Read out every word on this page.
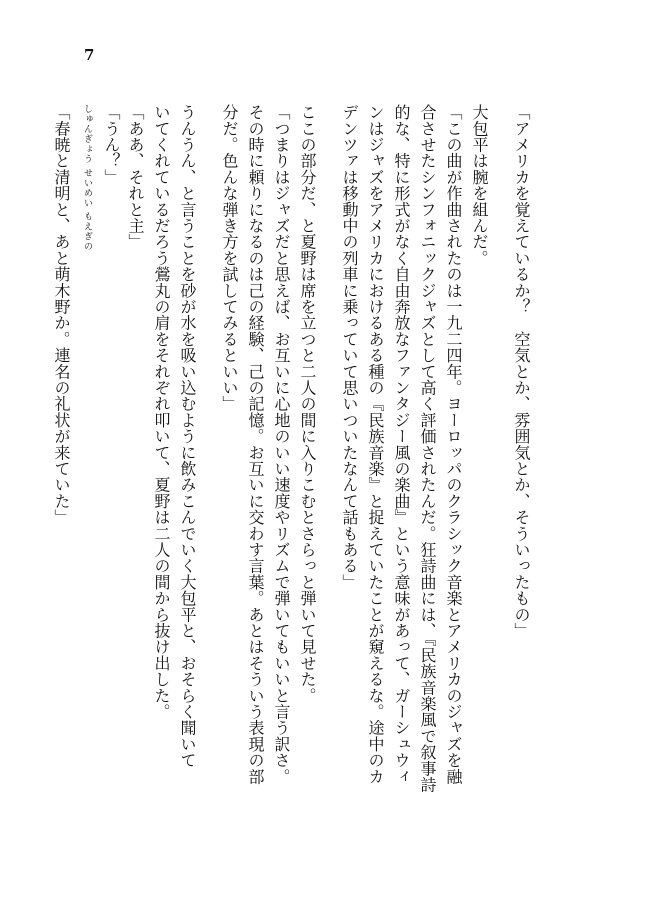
7

「アメリカを覚えているか？　空気とか、雰囲気とか、そういったもの」

大包平は腕を組んだ。

「この曲が作曲されたのは一九二四年。ヨーロッパのクラシック音楽とアメリカのジャズを融

合させたシンフォニックジャズとして高く評価されたんだ。狂詩曲には、『民族音楽風で叙事詩

的な、特に形式がなく自由奔放なファンタジー風の楽曲』という意味があって、ガーシュウィ

ンはジャズをアメリカにおけるある種の『民族音楽』と捉えていたことが窺えるな。途中のカ

デンツァは移動中の列車に乗っていて思いついたなんて話もある」

ここの部分だ、と夏野は席を立つと二人の間に入りこむとさらっと弾いて見せた。

「つまりはジャズだと思えば、お互いに心地のいい速度やリズムで弾いてもいいと言う訳さ。

その時に頼りになるのは己の経験、己の記憶。お互いに交わす言葉。あとはそういう表現の部

分だ。色んな弾き方を試してみるといい」

うんうん、と言うことを砂が水を吸い込むように飲みこんでいく大包平と、おそらく聞いて

いてくれているだろう鶯丸の肩をそれぞれ叩いて、夏野は二人の間から抜け出した。

「ああ、それと主」

「うん？」

しゅんぎょう せいめい もえぎの

「春暁と清明と、あと萌木野か。連名の礼状が来ていた」
